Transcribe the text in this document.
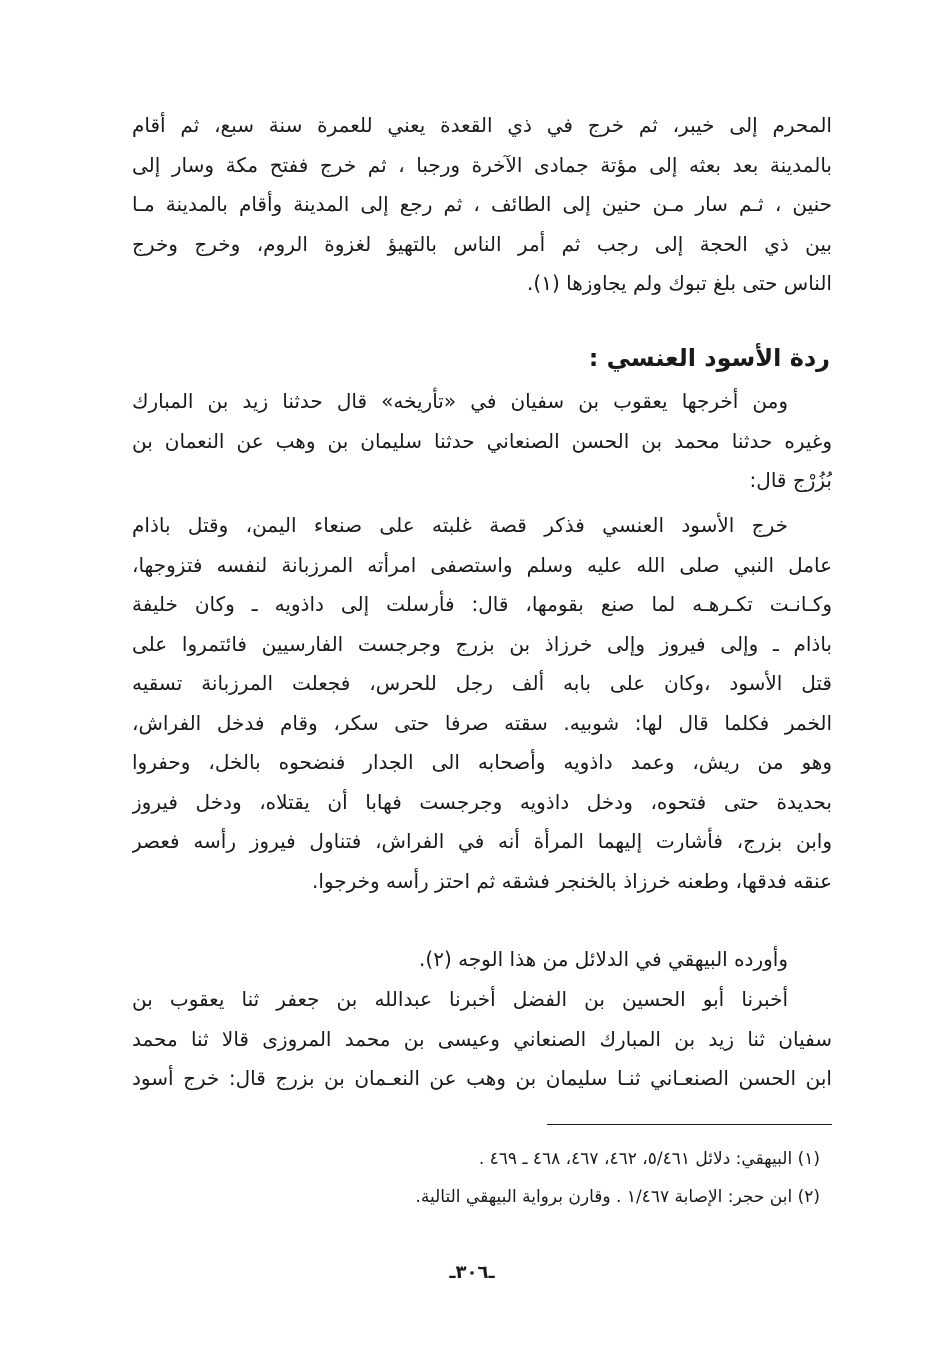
المحرم إلى خيبر، ثم خرج في ذي القعدة يعني للعمرة سنة سبع، ثم أقام
بالمدينة بعد بعثه إلى مؤتة جمادى الآخرة ورجبا ، ثم خرج ففتح مكة وسار إلى
حنين ، ثـم سار مـن حنين إلى الطائف ، ثم رجع إلى المدينة وأقام بالمدينة مـا
بين ذي الحجة إلى رجب ثم أمر الناس بالتهيؤ لغزوة الروم، وخرج وخرج
الناس حتى بلغ تبوك ولم يجاوزها (١).
ردة الأسود العنسي :
ومن أخرجها يعقوب بن سفيان في «تأريخه» قال حدثنا زيد بن المبارك
وغيره حدثنا محمد بن الحسن الصنعاني حدثنا سليمان بن وهب عن النعمان بن
بُزُرْج قال:
خرج الأسود العنسي فذكر قصة غلبته على صنعاء اليمن، وقتل باذام
عامل النبي صلى الله عليه وسلم واستصفى امرأته المرزبانة لنفسه فتزوجها،
وكـانـت تكـرهـه لما صنع بقومها، قال: فأرسلت إلى داذويه ـ وكان خليفة
باذام ـ وإلى فيروز وإلى خرزاذ بن بزرج وجرجست الفارسيين فائتمروا على
قتل الأسود ،وكان على بابه ألف رجل للحرس، فجعلت المرزبانة تسقيه
الخمر فكلما قال لها: شوبيه. سقته صرفا حتى سكر، وقام فدخل الفراش،
وهو من ريش، وعمد داذويه وأصحابه الى الجدار فنضحوه بالخل، وحفروا
بحديدة حتى فتحوه، ودخل داذويه وجرجست فهابا أن يقتلاه، ودخل فيروز
وابن بزرج، فأشارت إليهما المرأة أنه في الفراش، فتناول فيروز رأسه فعصر
عنقه فدقها، وطعنه خرزاذ بالخنجر فشقه ثم احتز رأسه وخرجوا.
وأورده البيهقي في الدلائل من هذا الوجه (٢).
أخبرنا أبو الحسين بن الفضل أخبرنا عبدالله بن جعفر ثنا يعقوب بن
سفيان ثنا زيد بن المبارك الصنعاني وعيسى بن محمد المروزى قالا ثنا محمد
ابن الحسن الصنعـاني ثنـا سليمان بن وهب عن النعـمان بن بزرج قال: خرج أسود
(١) البيهقي: دلائل ٥/٤٦١، ٤٦٢، ٤٦٧، ٤٦٨ ـ ٤٦٩ .
(٢) ابن حجر: الإصابة ١/٤٦٧ . وقارن برواية البيهقي التالية.
ـ٣٠٦ـ
